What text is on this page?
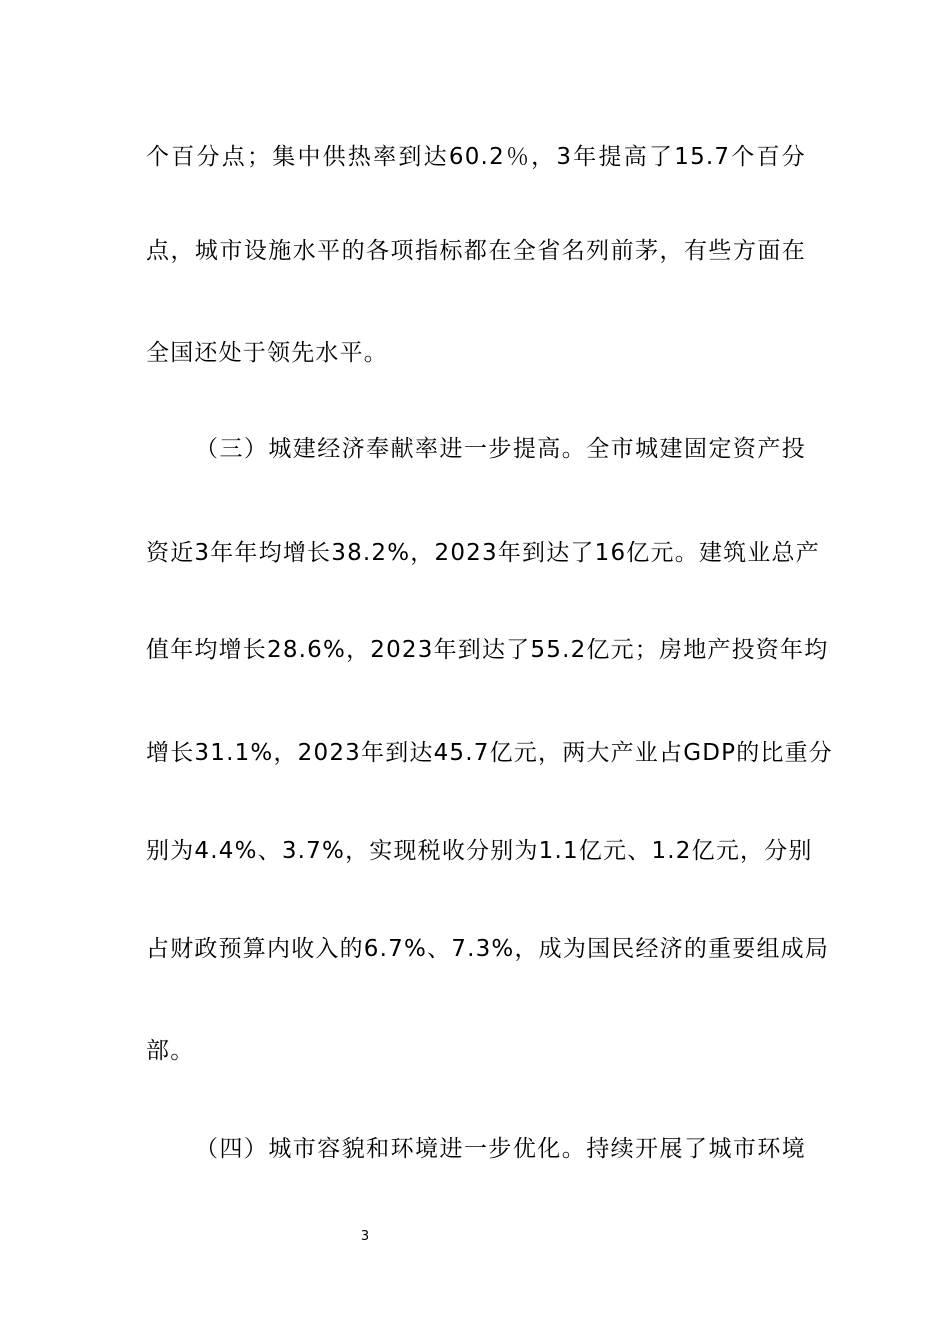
个百分点；集中供热率到达60.2％，3年提高了15.7个百分
点，城市设施水平的各项指标都在全省名列前茅，有些方面在
全国还处于领先水平。
（三）城建经济奉献率进一步提高。全市城建固定资产投
资近3年年均增长38.2%，2023年到达了16亿元。建筑业总产
值年均增长28.6%，2023年到达了55.2亿元；房地产投资年均
增长31.1%，2023年到达45.7亿元，两大产业占GDP的比重分
别为4.4%、3.7%，实现税收分别为1.1亿元、1.2亿元，分别
占财政预算内收入的6.7%、7.3%，成为国民经济的重要组成局
部。
（四）城市容貌和环境进一步优化。持续开展了城市环境
3
